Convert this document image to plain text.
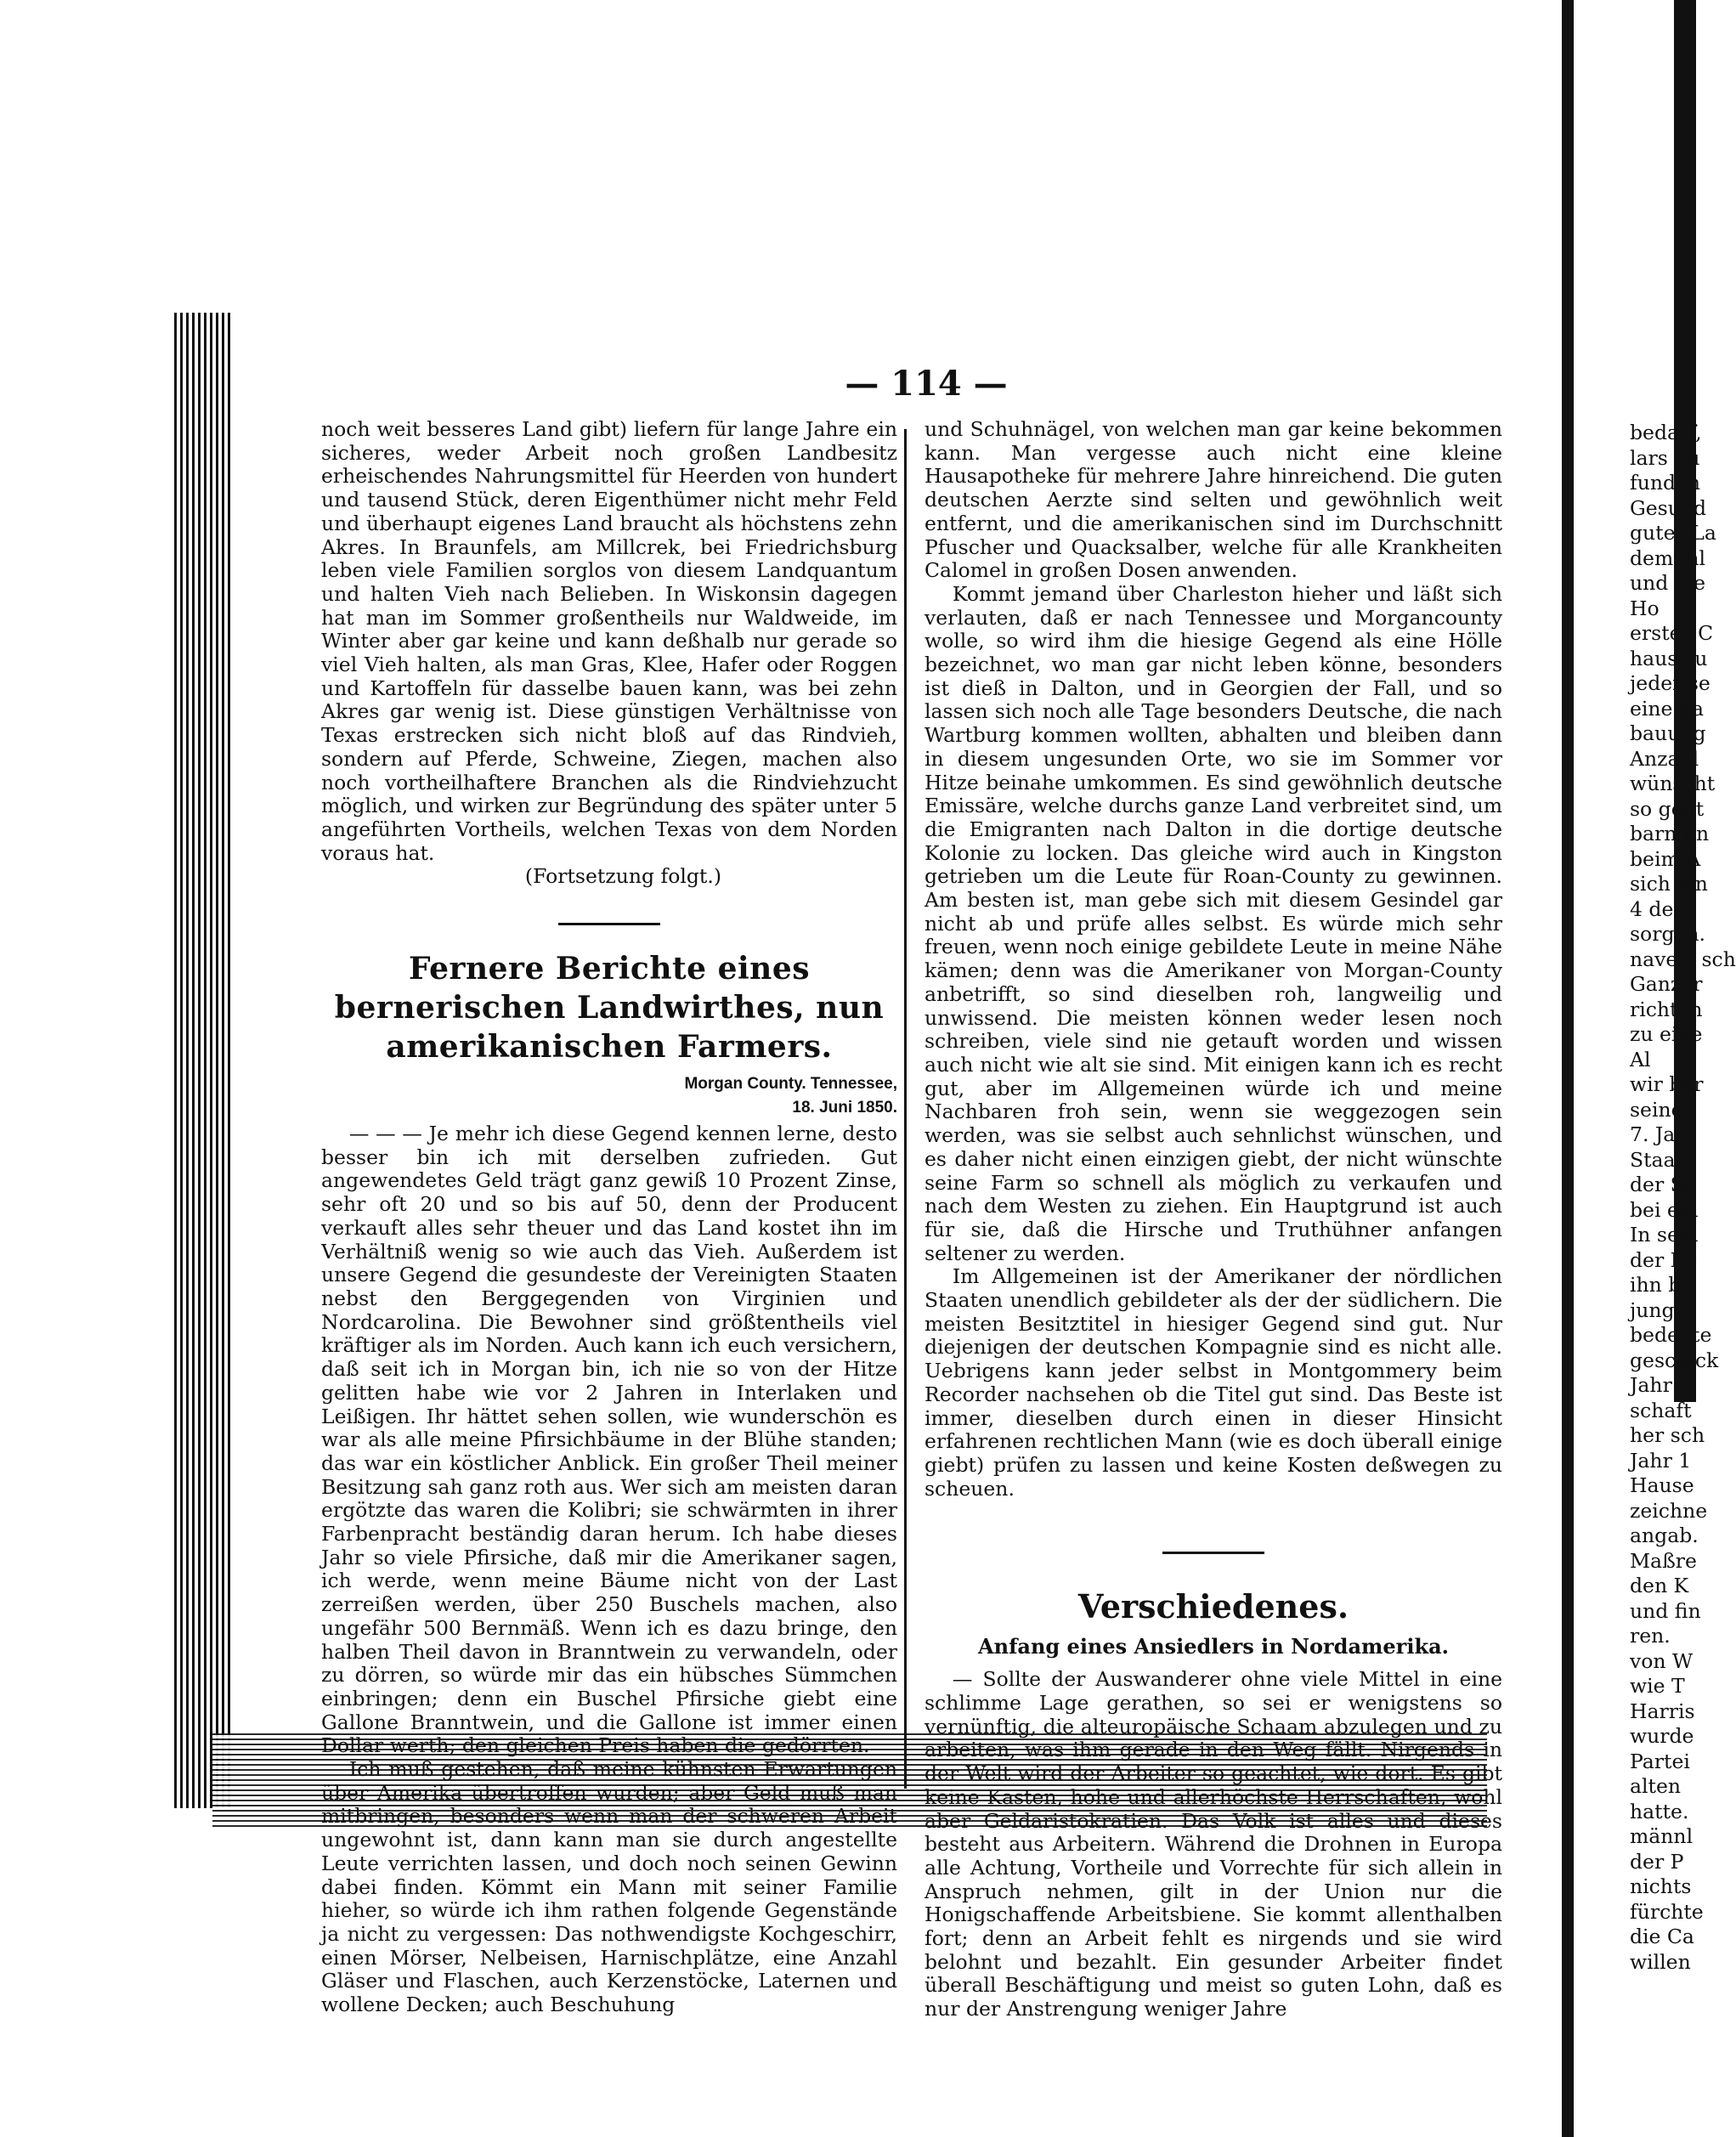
— 114 —

noch weit besseres Land gibt) liefern für lange Jahre ein sicheres, weder Arbeit noch großen Landbesitz erheischendes Nahrungsmittel für Heerden von hundert und tausend Stück, deren Eigenthümer nicht mehr Feld und überhaupt eigenes Land braucht als höchstens zehn Akres. In Braunfels, am Millcrek, bei Friedrichsburg leben viele Familien sorglos von diesem Landquantum und halten Vieh nach Belieben. In Wiskonsin dagegen hat man im Sommer großentheils nur Waldweide, im Winter aber gar keine und kann deßhalb nur gerade so viel Vieh halten, als man Gras, Klee, Hafer oder Roggen und Kartoffeln für dasselbe bauen kann, was bei zehn Akres gar wenig ist. Diese günstigen Verhältnisse von Texas erstrecken sich nicht bloß auf das Rindvieh, sondern auf Pferde, Schweine, Ziegen, machen also noch vortheilhaftere Branchen als die Rindviehzucht möglich, und wirken zur Begründung des später unter 5 angeführten Vortheils, welchen Texas von dem Norden voraus hat.

(Fortsetzung folgt.)

Fernere Berichte eines bernerischen Landwirthes, nun amerikanischen Farmers.
Morgan County. Tennessee,
18. Juni 1850.

— — — Je mehr ich diese Gegend kennen lerne, desto besser bin ich mit derselben zufrieden. Gut angewendetes Geld trägt ganz gewiß 10 Prozent Zinse, sehr oft 20 und so bis auf 50, denn der Producent verkauft alles sehr theuer und das Land kostet ihn im Verhältniß wenig so wie auch das Vieh. Außerdem ist unsere Gegend die gesundeste der Vereinigten Staaten nebst den Berggegenden von Virginien und Nordcarolina. Die Bewohner sind größtentheils viel kräftiger als im Norden. Auch kann ich euch versichern, daß seit ich in Morgan bin, ich nie so von der Hitze gelitten habe wie vor 2 Jahren in Interlaken und Leißigen. Ihr hättet sehen sollen, wie wunderschön es war als alle meine Pfirsichbäume in der Blühe standen; das war ein köstlicher Anblick. Ein großer Theil meiner Besitzung sah ganz roth aus. Wer sich am meisten daran ergötzte das waren die Kolibri; sie schwärmten in ihrer Farbenpracht beständig daran herum. Ich habe dieses Jahr so viele Pfirsiche, daß mir die Amerikaner sagen, ich werde, wenn meine Bäume nicht von der Last zerreißen werden, über 250 Buschels machen, also ungefähr 500 Bernmäß. Wenn ich es dazu bringe, den halben Theil davon in Branntwein zu verwandeln, oder zu dörren, so würde mir das ein hübsches Sümmchen einbringen; denn ein Buschel Pfirsiche giebt eine Gallone Branntwein, und die Gallone ist immer einen Dollar werth; den gleichen Preis haben die gedörrten.

Ich muß gestehen, daß meine kühnsten Erwartungen über Amerika übertroffen wurden; aber Geld muß man mitbringen, besonders wenn man der schweren Arbeit ungewohnt ist, dann kann man sie durch angestellte Leute verrichten lassen, und doch noch seinen Gewinn dabei finden. Kömmt ein Mann mit seiner Familie hieher, so würde ich ihm rathen folgende Gegenstände ja nicht zu vergessen: Das nothwendigste Kochgeschirr, einen Mörser, Nelbeisen, Harnischplätze, eine Anzahl Gläser und Flaschen, auch Kerzenstöcke, Laternen und wollene Decken; auch Beschuhung

und Schuhnägel, von welchen man gar keine bekommen kann. Man vergesse auch nicht eine kleine Hausapotheke für mehrere Jahre hinreichend. Die guten deutschen Aerzte sind selten und gewöhnlich weit entfernt, und die amerikanischen sind im Durchschnitt Pfuscher und Quacksalber, welche für alle Krankheiten Calomel in großen Dosen anwenden.

Kommt jemand über Charleston hieher und läßt sich verlauten, daß er nach Tennessee und Morgancounty wolle, so wird ihm die hiesige Gegend als eine Hölle bezeichnet, wo man gar nicht leben könne, besonders ist dieß in Dalton, und in Georgien der Fall, und so lassen sich noch alle Tage besonders Deutsche, die nach Wartburg kommen wollten, abhalten und bleiben dann in diesem ungesunden Orte, wo sie im Sommer vor Hitze beinahe umkommen. Es sind gewöhnlich deutsche Emissäre, welche durchs ganze Land verbreitet sind, um die Emigranten nach Dalton in die dortige deutsche Kolonie zu locken. Das gleiche wird auch in Kingston getrieben um die Leute für Roan-County zu gewinnen. Am besten ist, man gebe sich mit diesem Gesindel gar nicht ab und prüfe alles selbst. Es würde mich sehr freuen, wenn noch einige gebildete Leute in meine Nähe kämen; denn was die Amerikaner von Morgan-County anbetrifft, so sind dieselben roh, langweilig und unwissend. Die meisten können weder lesen noch schreiben, viele sind nie getauft worden und wissen auch nicht wie alt sie sind. Mit einigen kann ich es recht gut, aber im Allgemeinen würde ich und meine Nachbaren froh sein, wenn sie weggezogen sein werden, was sie selbst auch sehnlichst wünschen, und es daher nicht einen einzigen giebt, der nicht wünschte seine Farm so schnell als möglich zu verkaufen und nach dem Westen zu ziehen. Ein Hauptgrund ist auch für sie, daß die Hirsche und Truthühner anfangen seltener zu werden.

Im Allgemeinen ist der Amerikaner der nördlichen Staaten unendlich gebildeter als der der südlichern. Die meisten Besitztitel in hiesiger Gegend sind gut. Nur diejenigen der deutschen Kompagnie sind es nicht alle. Uebrigens kann jeder selbst in Montgommery beim Recorder nachsehen ob die Titel gut sind. Das Beste ist immer, dieselben durch einen in dieser Hinsicht erfahrenen rechtlichen Mann (wie es doch überall einige giebt) prüfen zu lassen und keine Kosten deßwegen zu scheuen.

Verschiedenes.
Anfang eines Ansiedlers in Nordamerika.

— Sollte der Auswanderer ohne viele Mittel in eine schlimme Lage gerathen, so sei er wenigstens so vernünftig, die alteuropäische Schaam abzulegen und zu arbeiten, was ihm gerade in den Weg fällt. Nirgends in der Welt wird der Arbeiter so geachtet, wie dort. Es gibt keine Kasten, hohe und allerhöchste Herrschaften, wohl aber Geldaristokratien. Das Volk ist alles und dieses besteht aus Arbeitern. Während die Drohnen in Europa alle Achtung, Vortheile und Vorrechte für sich allein in Anspruch nehmen, gilt in der Union nur die Honigschaffende Arbeitsbiene. Sie kommt allenthalben fort; denn an Arbeit fehlt es nirgends und sie wird belohnt und bezahlt. Ein gesunder Arbeiter findet überall Beschäftigung und meist so guten Lohn, daß es nur der Anstrengung weniger Jahre

bedarf,
lars bü
funden
Gesund
guter La
demühl
und me
Ho
erstes C
haus zu
jeder se
eine pa
bauung
Anzahl
wünscht
so geht
barn un
beim A
sich ein
4 der
sorgen.
navert sch
Ganzer
richten
zu eine
Al
wir ber
seinen
7. Jan
Staate
der Sa
bei ein
In sein
der Re
ihn be
junge
bedeute
geschick
Jahr 1
schaft
her sch
Jahr 1
Hause
zeichne
angab.
Maßre
den K
und fin
ren.
von W
wie T
Harris
wurde
Partei
alten
hatte.
männl
der P
nichts
fürchte
die Ca
willen
